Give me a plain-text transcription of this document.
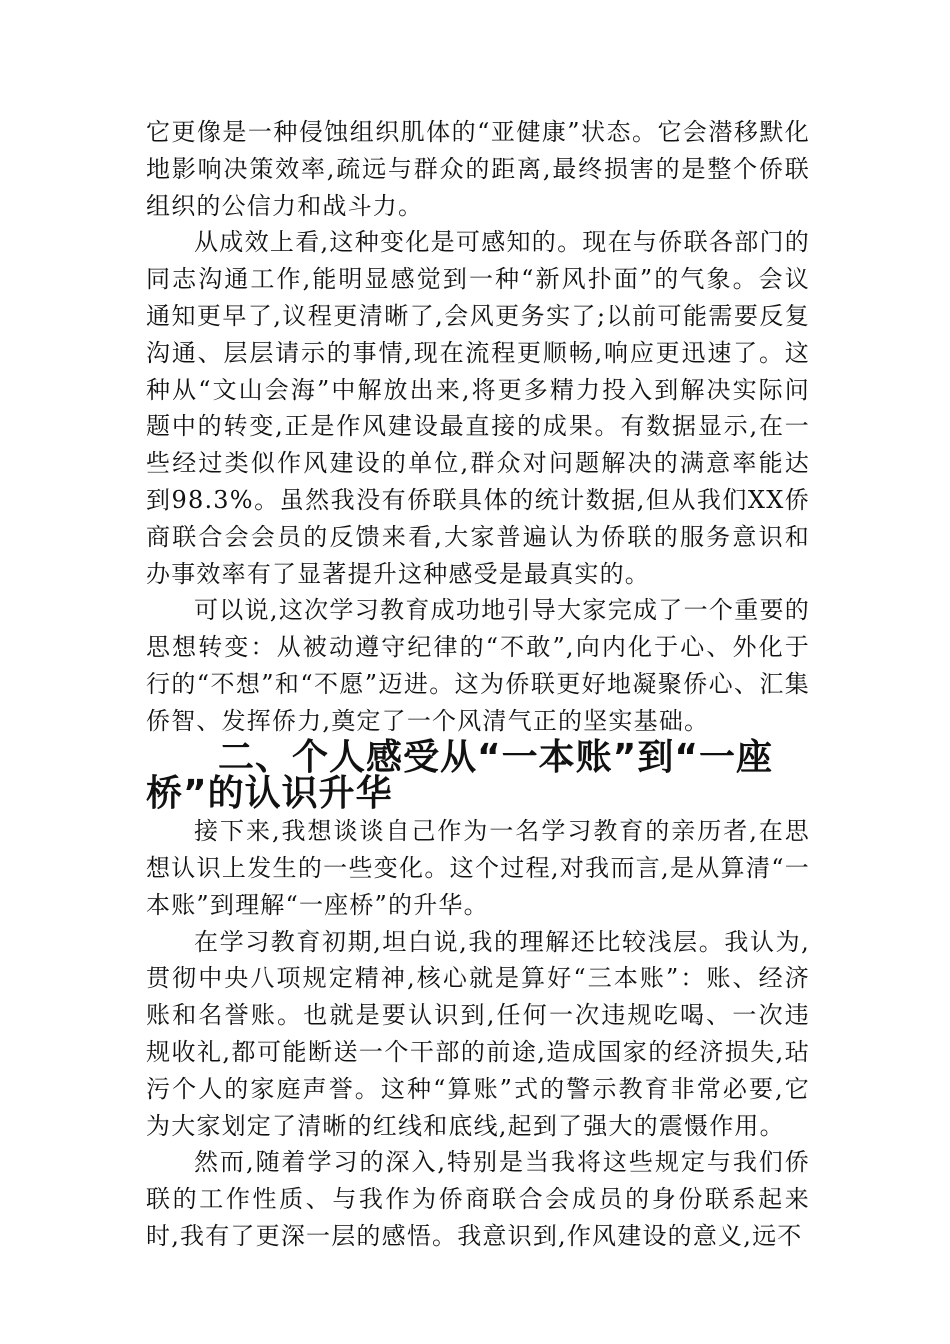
它更像是一种侵蚀组织肌体的“亚健康”状态。它会潜移默化地影响决策效率,疏远与群众的距离,最终损害的是整个侨联组织的公信力和战斗力。

从成效上看,这种变化是可感知的。现在与侨联各部门的同志沟通工作,能明显感觉到一种“新风扑面”的气象。会议通知更早了,议程更清晰了,会风更务实了;以前可能需要反复沟通、层层请示的事情,现在流程更顺畅,响应更迅速了。这种从“文山会海”中解放出来,将更多精力投入到解决实际问题中的转变,正是作风建设最直接的成果。有数据显示,在一些经过类似作风建设的单位,群众对问题解决的满意率能达到98.3%。虽然我没有侨联具体的统计数据,但从我们XX侨商联合会会员的反馈来看,大家普遍认为侨联的服务意识和办事效率有了显著提升这种感受是最真实的。

可以说,这次学习教育成功地引导大家完成了一个重要的思想转变：从被动遵守纪律的“不敢”,向内化于心、外化于行的“不想”和“不愿”迈进。这为侨联更好地凝聚侨心、汇集侨智、发挥侨力,奠定了一个风清气正的坚实基础。

二、个人感受从“一本账”到“一座桥”的认识升华

接下来,我想谈谈自己作为一名学习教育的亲历者,在思想认识上发生的一些变化。这个过程,对我而言,是从算清“一本账”到理解“一座桥”的升华。

在学习教育初期,坦白说,我的理解还比较浅层。我认为,贯彻中央八项规定精神,核心就是算好“三本账”：账、经济账和名誉账。也就是要认识到,任何一次违规吃喝、一次违规收礼,都可能断送一个干部的前途,造成国家的经济损失,玷污个人的家庭声誉。这种“算账”式的警示教育非常必要,它为大家划定了清晰的红线和底线,起到了强大的震慑作用。

然而,随着学习的深入,特别是当我将这些规定与我们侨联的工作性质、与我作为侨商联合会成员的身份联系起来时,我有了更深一层的感悟。我意识到,作风建设的意义,远不
